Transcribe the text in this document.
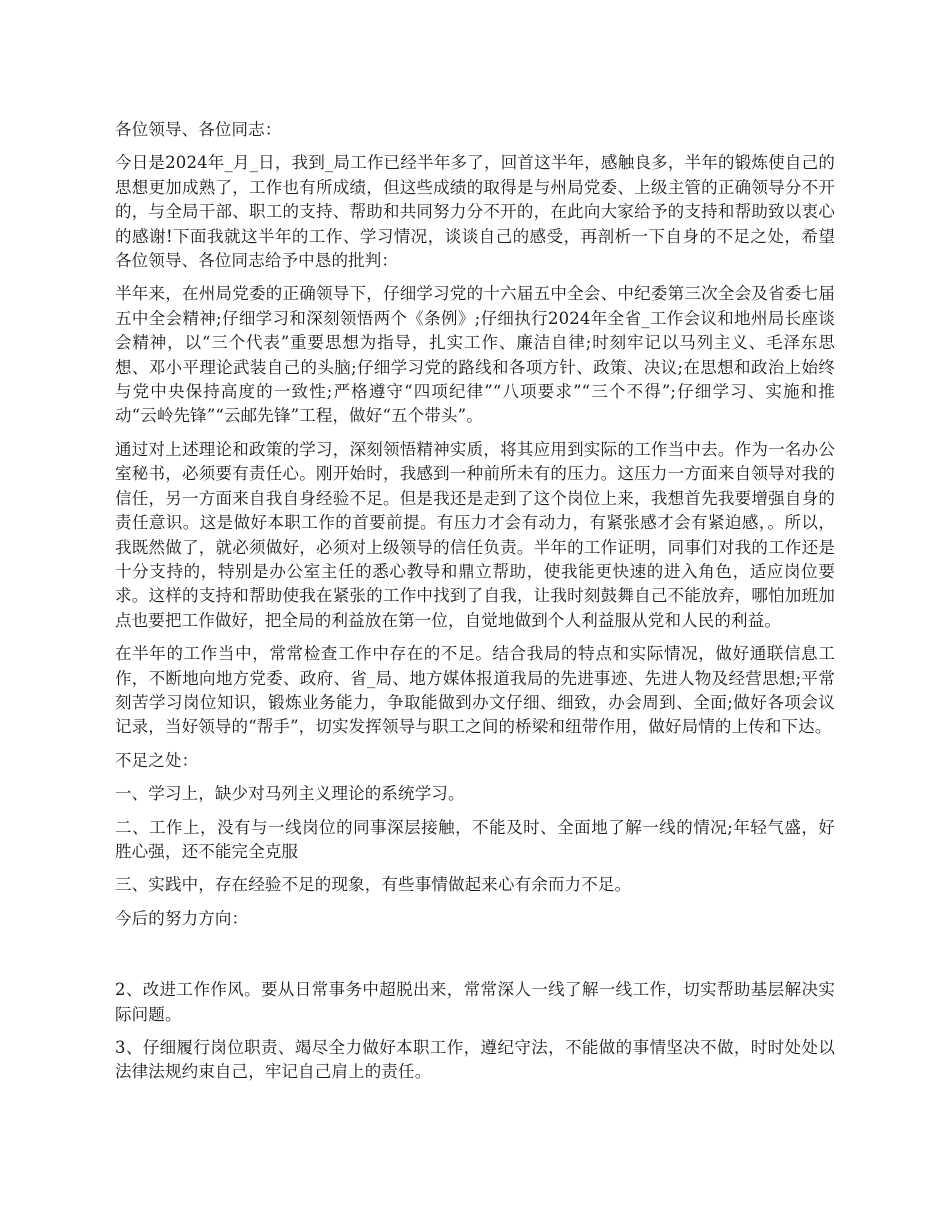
各位领导、各位同志：

今日是2024年_月_日，我到_局工作已经半年多了，回首这半年，感触良多，半年的锻炼使自己的思想更加成熟了，工作也有所成绩，但这些成绩的取得是与州局党委、上级主管的正确领导分不开的，与全局干部、职工的支持、帮助和共同努力分不开的，在此向大家给予的支持和帮助致以衷心的感谢!下面我就这半年的工作、学习情况，谈谈自己的感受，再剖析一下自身的不足之处，希望各位领导、各位同志给予中恳的批判：

半年来，在州局党委的正确领导下，仔细学习党的十六届五中全会、中纪委第三次全会及省委七届五中全会精神;仔细学习和深刻领悟两个《条例》;仔细执行2024年全省_工作会议和地州局长座谈会精神，以“三个代表”重要思想为指导，扎实工作、廉洁自律;时刻牢记以马列主义、毛泽东思想、邓小平理论武装自己的头脑;仔细学习党的路线和各项方针、政策、决议;在思想和政治上始终与党中央保持高度的一致性;严格遵守“四项纪律”“八项要求”“三个不得”;仔细学习、实施和推动“云岭先锋”“云邮先锋”工程，做好“五个带头”。

通过对上述理论和政策的学习，深刻领悟精神实质，将其应用到实际的工作当中去。作为一名办公室秘书，必须要有责任心。刚开始时，我感到一种前所未有的压力。这压力一方面来自领导对我的信任，另一方面来自我自身经验不足。但是我还是走到了这个岗位上来，我想首先我要增强自身的责任意识。这是做好本职工作的首要前提。有压力才会有动力，有紧张感才会有紧迫感，。所以，我既然做了，就必须做好，必须对上级领导的信任负责。半年的工作证明，同事们对我的工作还是十分支持的，特别是办公室主任的悉心教导和鼎立帮助，使我能更快速的进入角色，适应岗位要求。这样的支持和帮助使我在紧张的工作中找到了自我，让我时刻鼓舞自己不能放弃，哪怕加班加点也要把工作做好，把全局的利益放在第一位，自觉地做到个人利益服从党和人民的利益。

在半年的工作当中，常常检查工作中存在的不足。结合我局的特点和实际情况，做好通联信息工作，不断地向地方党委、政府、省_局、地方媒体报道我局的先进事迹、先进人物及经营思想;平常刻苦学习岗位知识，锻炼业务能力，争取能做到办文仔细、细致，办会周到、全面;做好各项会议记录，当好领导的“帮手”，切实发挥领导与职工之间的桥梁和纽带作用，做好局情的上传和下达。

不足之处：

一、学习上，缺少对马列主义理论的系统学习。

二、工作上，没有与一线岗位的同事深层接触，不能及时、全面地了解一线的情况;年轻气盛，好胜心强，还不能完全克服

三、实践中，存在经验不足的现象，有些事情做起来心有余而力不足。

今后的努力方向：

2、改进工作作风。要从日常事务中超脱出来，常常深人一线了解一线工作，切实帮助基层解决实际问题。

3、仔细履行岗位职责、竭尽全力做好本职工作，遵纪守法，不能做的事情坚决不做，时时处处以法律法规约束自己，牢记自己肩上的责任。
